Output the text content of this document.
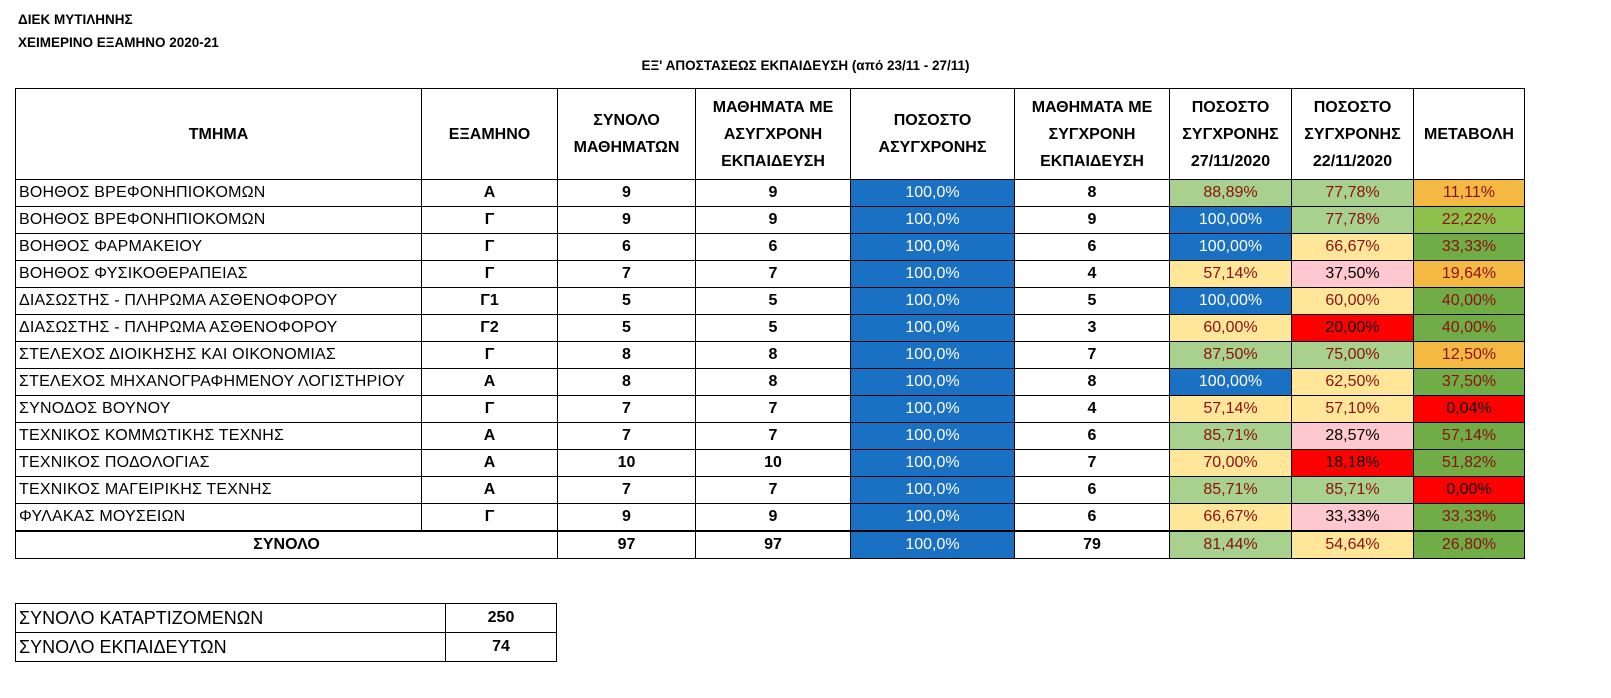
ΔΙΕΚ ΜΥΤΙΛΗΝΗΣ
ΧΕΙΜΕΡΙΝΟ ΕΞΑΜΗΝΟ 2020-21
ΕΞ' ΑΠΟΣΤΑΣΕΩΣ ΕΚΠΑΙΔΕΥΣΗ (από 23/11 - 27/11)
ΤΜΗΜΑ	ΕΞΑΜΗΝΟ	ΣΥΝΟΛΟ ΜΑΘΗΜΑΤΩΝ	ΜΑΘΗΜΑΤΑ ΜΕ ΑΣΥΓΧΡΟΝΗ ΕΚΠΑΙΔΕΥΣΗ	ΠΟΣΟΣΤΟ ΑΣΥΓΧΡΟΝΗΣ	ΜΑΘΗΜΑΤΑ ΜΕ ΣΥΓΧΡΟΝΗ ΕΚΠΑΙΔΕΥΣΗ	ΠΟΣΟΣΤΟ ΣΥΓΧΡΟΝΗΣ 27/11/2020	ΠΟΣΟΣΤΟ ΣΥΓΧΡΟΝΗΣ 22/11/2020	ΜΕΤΑΒΟΛΗ
ΒΟΗΘΟΣ ΒΡΕΦΟΝΗΠΙΟΚΟΜΩΝ	Α	9	9	100,0%	8	88,89%	77,78%	11,11%
ΒΟΗΘΟΣ ΒΡΕΦΟΝΗΠΙΟΚΟΜΩΝ	Γ	9	9	100,0%	9	100,00%	77,78%	22,22%
ΒΟΗΘΟΣ ΦΑΡΜΑΚΕΙΟΥ	Γ	6	6	100,0%	6	100,00%	66,67%	33,33%
ΒΟΗΘΟΣ ΦΥΣΙΚΟΘΕΡΑΠΕΙΑΣ	Γ	7	7	100,0%	4	57,14%	37,50%	19,64%
ΔΙΑΣΩΣΤΗΣ - ΠΛΗΡΩΜΑ ΑΣΘΕΝΟΦΟΡΟΥ	Γ1	5	5	100,0%	5	100,00%	60,00%	40,00%
ΔΙΑΣΩΣΤΗΣ - ΠΛΗΡΩΜΑ ΑΣΘΕΝΟΦΟΡΟΥ	Γ2	5	5	100,0%	3	60,00%	20,00%	40,00%
ΣΤΕΛΕΧΟΣ ΔΙΟΙΚΗΣΗΣ ΚΑΙ ΟΙΚΟΝΟΜΙΑΣ	Γ	8	8	100,0%	7	87,50%	75,00%	12,50%
ΣΤΕΛΕΧΟΣ ΜΗΧΑΝΟΓΡΑΦΗΜΕΝΟΥ ΛΟΓΙΣΤΗΡΙΟΥ	Α	8	8	100,0%	8	100,00%	62,50%	37,50%
ΣΥΝΟΔΟΣ ΒΟΥΝΟΥ	Γ	7	7	100,0%	4	57,14%	57,10%	0,04%
ΤΕΧΝΙΚΟΣ ΚΟΜΜΩΤΙΚΗΣ ΤΕΧΝΗΣ	Α	7	7	100,0%	6	85,71%	28,57%	57,14%
ΤΕΧΝΙΚΟΣ ΠΟΔΟΛΟΓΙΑΣ	Α	10	10	100,0%	7	70,00%	18,18%	51,82%
ΤΕΧΝΙΚΟΣ ΜΑΓΕΙΡΙΚΗΣ ΤΕΧΝΗΣ	Α	7	7	100,0%	6	85,71%	85,71%	0,00%
ΦΥΛΑΚΑΣ ΜΟΥΣΕΙΩΝ	Γ	9	9	100,0%	6	66,67%	33,33%	33,33%
ΣΥΝΟΛΟ		97	97	100,0%	79	81,44%	54,64%	26,80%
ΣΥΝΟΛΟ ΚΑΤΑΡΤΙΖΟΜΕΝΩΝ	250
ΣΥΝΟΛΟ ΕΚΠΑΙΔΕΥΤΩΝ	74
